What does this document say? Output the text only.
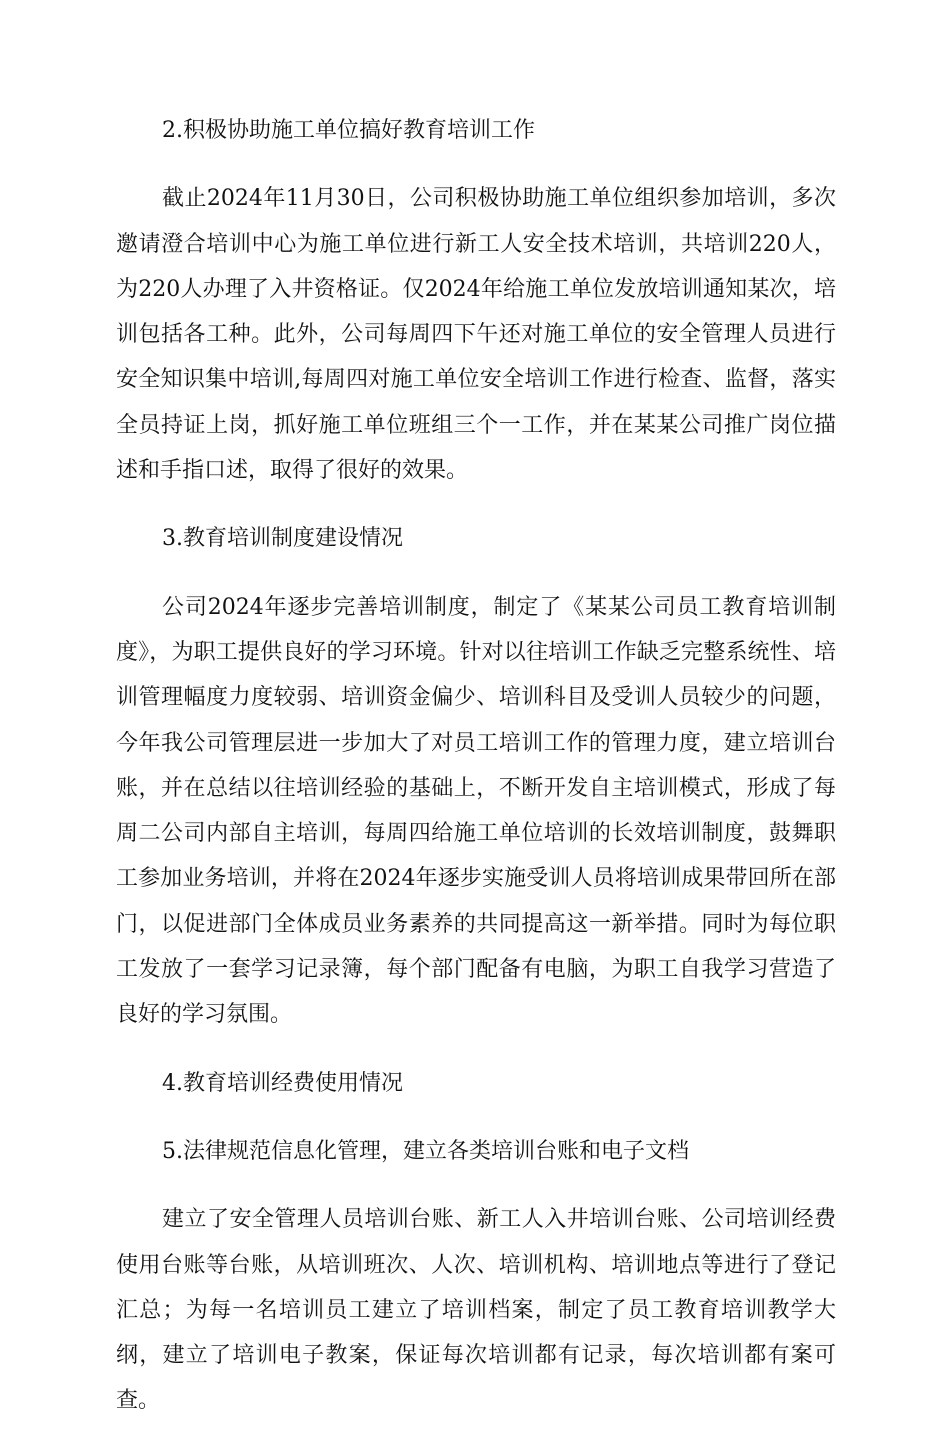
2.积极协助施工单位搞好教育培训工作

截止2024年11月30日，公司积极协助施工单位组织参加培训，多次邀请澄合培训中心为施工单位进行新工人安全技术培训，共培训220人，为220人办理了入井资格证。仅2024年给施工单位发放培训通知某次，培训包括各工种。此外，公司每周四下午还对施工单位的安全管理人员进行安全知识集中培训,每周四对施工单位安全培训工作进行检查、监督，落实全员持证上岗，抓好施工单位班组三个一工作，并在某某公司推广岗位描述和手指口述，取得了很好的效果。

3.教育培训制度建设情况

公司2024年逐步完善培训制度，制定了《某某公司员工教育培训制度》，为职工提供良好的学习环境。针对以往培训工作缺乏完整系统性、培训管理幅度力度较弱、培训资金偏少、培训科目及受训人员较少的问题，今年我公司管理层进一步加大了对员工培训工作的管理力度，建立培训台账，并在总结以往培训经验的基础上，不断开发自主培训模式，形成了每周二公司内部自主培训，每周四给施工单位培训的长效培训制度，鼓舞职工参加业务培训，并将在2024年逐步实施受训人员将培训成果带回所在部门，以促进部门全体成员业务素养的共同提高这一新举措。同时为每位职工发放了一套学习记录簿，每个部门配备有电脑，为职工自我学习营造了良好的学习氛围。

4.教育培训经费使用情况

5.法律规范信息化管理，建立各类培训台账和电子文档

建立了安全管理人员培训台账、新工人入井培训台账、公司培训经费使用台账等台账，从培训班次、人次、培训机构、培训地点等进行了登记汇总；为每一名培训员工建立了培训档案，制定了员工教育培训教学大纲，建立了培训电子教案，保证每次培训都有记录，每次培训都有案可查。
